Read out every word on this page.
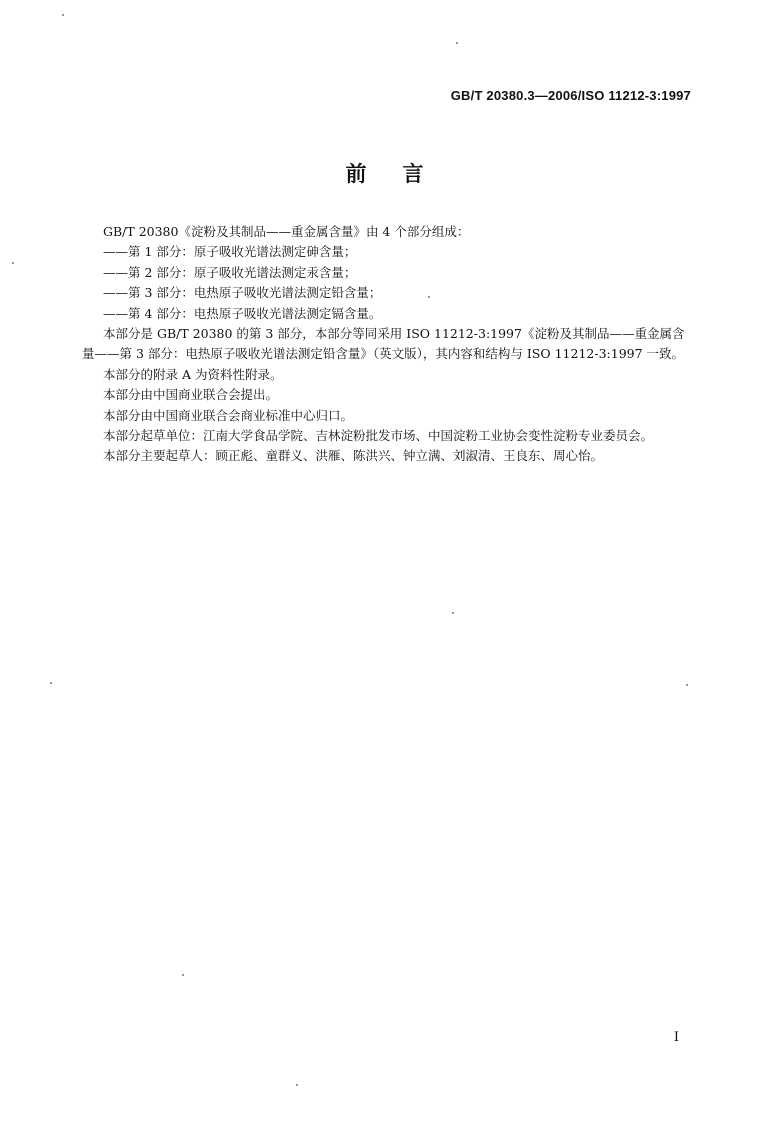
GB/T 20380.3—2006/ISO 11212-3:1997
前 言

GB/T 20380《淀粉及其制品——重金属含量》由 4 个部分组成：

——第 1 部分：原子吸收光谱法测定砷含量；

——第 2 部分：原子吸收光谱法测定汞含量；

——第 3 部分：电热原子吸收光谱法测定铅含量；

——第 4 部分：电热原子吸收光谱法测定镉含量。

本部分是 GB/T 20380 的第 3 部分，本部分等同采用 ISO 11212-3:1997《淀粉及其制品——重金属含量——第 3 部分：电热原子吸收光谱法测定铅含量》（英文版），其内容和结构与 ISO 11212-3:1997 一致。

本部分的附录 A 为资料性附录。

本部分由中国商业联合会提出。

本部分由中国商业联合会商业标准中心归口。

本部分起草单位：江南大学食品学院、吉林淀粉批发市场、中国淀粉工业协会变性淀粉专业委员会。

本部分主要起草人：顾正彪、童群义、洪雁、陈洪兴、钟立满、刘淑清、王良东、周心怡。

I
